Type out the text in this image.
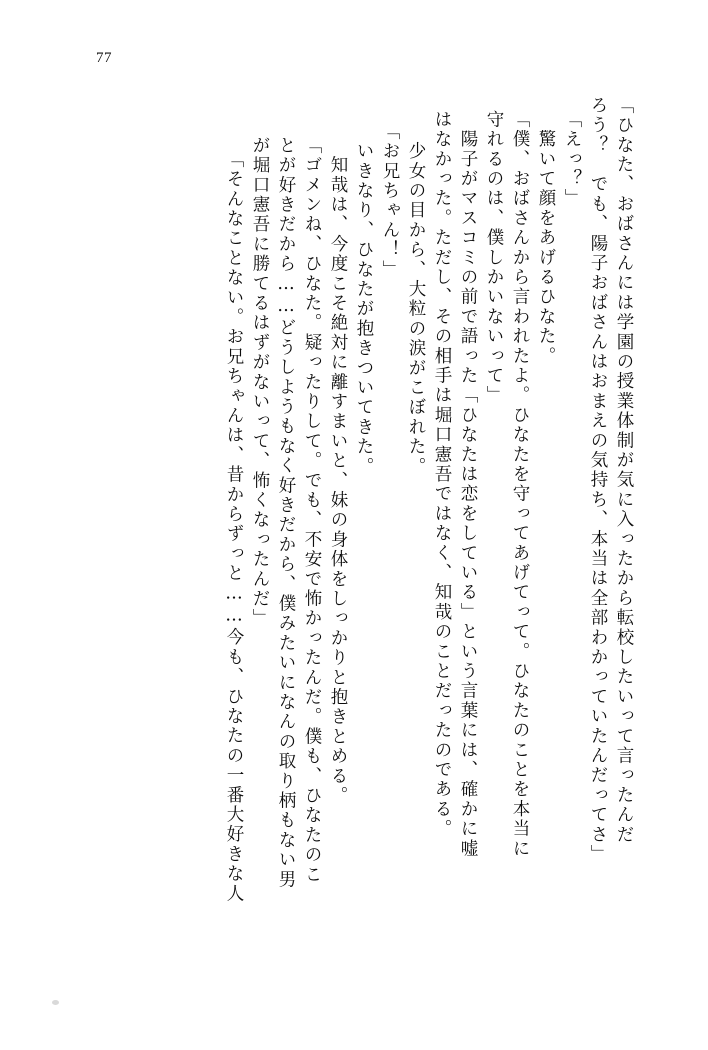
77
「ひなた、おばさんには学園の授業体制が気に入ったから転校したいって言ったんだ
ろう？　でも、陽子おばさんはおまえの気持ち、本当は全部わかっていたんだってさ」
「えっ？」
　驚いて顔をあげるひなた。
「僕、おばさんから言われたよ。ひなたを守ってあげてって。ひなたのことを本当に
守れるのは、僕しかいないって」
　陽子がマスコミの前で語った「ひなたは恋をしている」という言葉には、確かに嘘
はなかった。ただし、その相手は堀口憲吾ではなく、知哉のことだったのである。
　少女の目から、大粒の涙がこぼれた。
「お兄ちゃん！」
　いきなり、ひなたが抱きついてきた。
　知哉は、今度こそ絶対に離すまいと、妹の身体をしっかりと抱きとめる。
「ゴメンね、ひなた。疑ったりして。でも、不安で怖かったんだ。僕も、ひなたのこ
とが好きだから……どうしようもなく好きだから、僕みたいになんの取り柄もない男
が堀口憲吾に勝てるはずがないって、怖くなったんだ」
「そんなことない。お兄ちゃんは、昔からずっと……今も、ひなたの一番大好きな人
